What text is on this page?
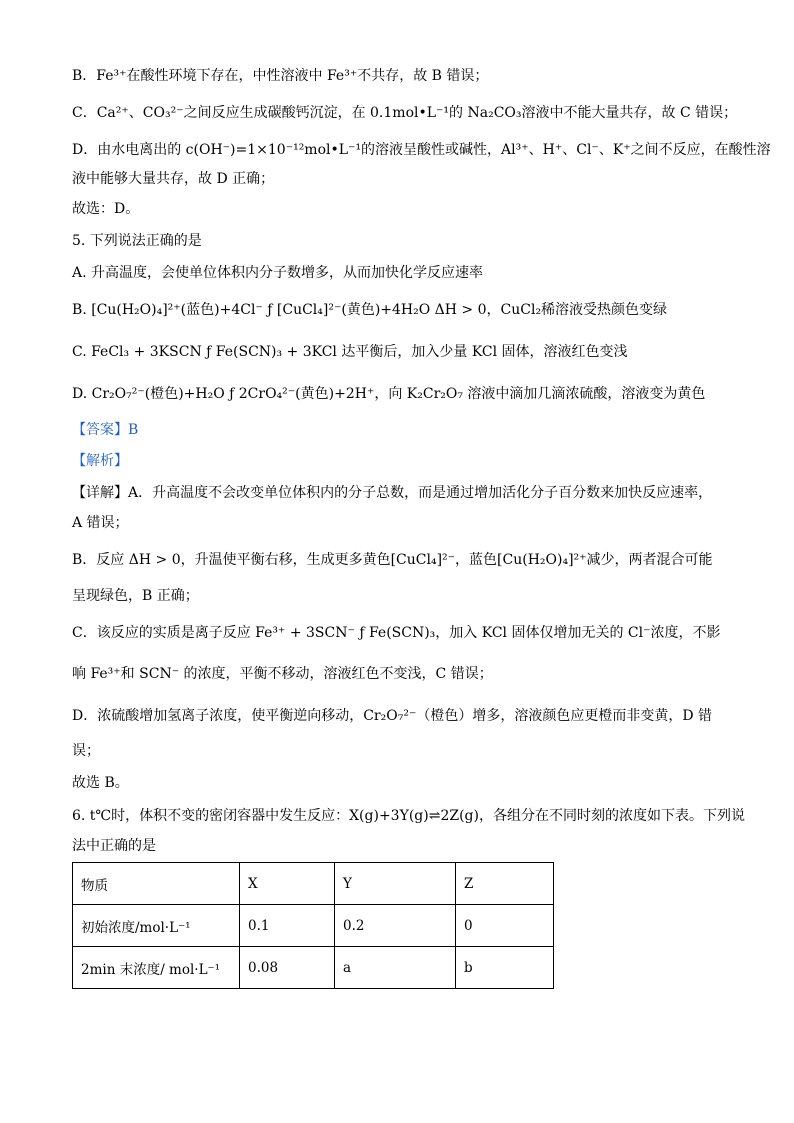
B．Fe³⁺在酸性环境下存在，中性溶液中 Fe³⁺不共存，故 B 错误；
C．Ca²⁺、CO₃²⁻之间反应生成碳酸钙沉淀，在 0.1mol•L⁻¹的 Na₂CO₃溶液中不能大量共存，故 C 错误；
D．由水电离出的 c(OH⁻)=1×10⁻¹²mol•L⁻¹的溶液呈酸性或碱性，Al³⁺、H⁺、Cl⁻、K⁺之间不反应，在酸性溶
液中能够大量共存，故 D 正确；
故选：D。
5. 下列说法正确的是
A. 升高温度，会使单位体积内分子数增多，从而加快化学反应速率
B. [Cu(H₂O)₄]²⁺(蓝色)+4Cl⁻ ƒ [CuCl₄]²⁻(黄色)+4H₂O ΔH > 0，CuCl₂稀溶液受热颜色变绿
C. FeCl₃ + 3KSCN ƒ Fe(SCN)₃ + 3KCl 达平衡后，加入少量 KCl 固体，溶液红色变浅
D. Cr₂O₇²⁻(橙色)+H₂O ƒ 2CrO₄²⁻(黄色)+2H⁺，向 K₂Cr₂O₇ 溶液中滴加几滴浓硫酸，溶液变为黄色
【答案】B
【解析】
【详解】A．升高温度不会改变单位体积内的分子总数，而是通过增加活化分子百分数来加快反应速率，
A 错误；
B．反应 ΔH > 0，升温使平衡右移，生成更多黄色[CuCl₄]²⁻，蓝色[Cu(H₂O)₄]²⁺减少，两者混合可能
呈现绿色，B 正确；
C．该反应的实质是离子反应 Fe³⁺ + 3SCN⁻ ƒ Fe(SCN)₃，加入 KCl 固体仅增加无关的 Cl⁻浓度，不影
响 Fe³⁺和 SCN⁻ 的浓度，平衡不移动，溶液红色不变浅，C 错误；
D．浓硫酸增加氢离子浓度，使平衡逆向移动，Cr₂O₇²⁻（橙色）增多，溶液颜色应更橙而非变黄，D 错
误；
故选 B。
6. t℃时，体积不变的密闭容器中发生反应：X(g)+3Y(g)⇌2Z(g)，各组分在不同时刻的浓度如下表。下列说
法中正确的是
物质	X	Y	Z
初始浓度/mol·L⁻¹	0.1	0.2	0
2min 末浓度/ mol·L⁻¹	0.08	a	b
